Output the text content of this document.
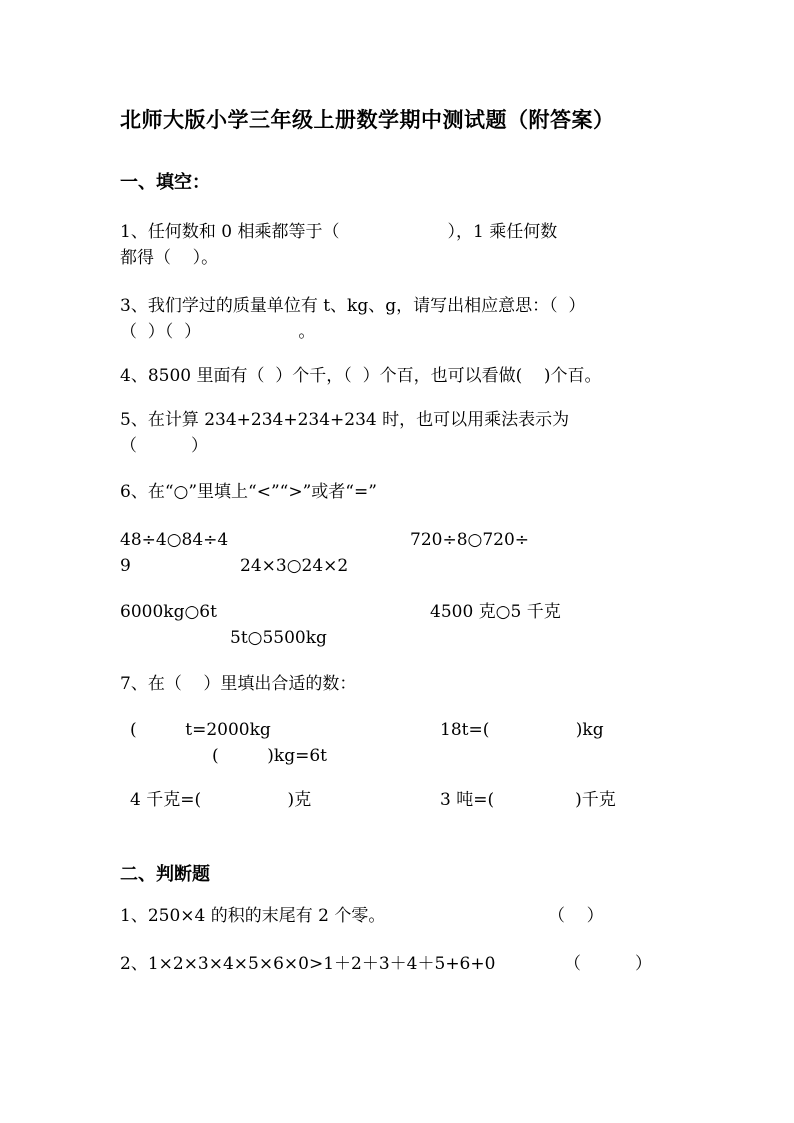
北师大版小学三年级上册数学期中测试题（附答案）
一、填空：
1、任何数和 0 相乘都等于（                    ），1 乘任何数
都得（    ）。
3、我们学过的质量单位有 t、kg、g，请写出相应意思：（  ）
（  ）（  ）                  。
4、8500 里面有（  ）个千，（  ）个百，也可以看做(    )个百。
5、在计算 234+234+234+234 时，也可以用乘法表示为
（          ）
6、在“○”里填上“<”“>”或者“=”
48÷4○84÷4	720÷8○720÷
9	24×3○24×2
6000kg○6t	4500 克○5 千克
5t○5500kg
7、在（    ）里填出合适的数：
(         t=2000kg	18t=(                )kg
(         )kg=6t
4 千克=(                )克	3 吨=(               )千克
二、判断题
1、250×4 的积的末尾有 2 个零。	（    ）
2、1×2×3×4×5×6×0>1＋2＋3＋4＋5+6+0	（          ）
